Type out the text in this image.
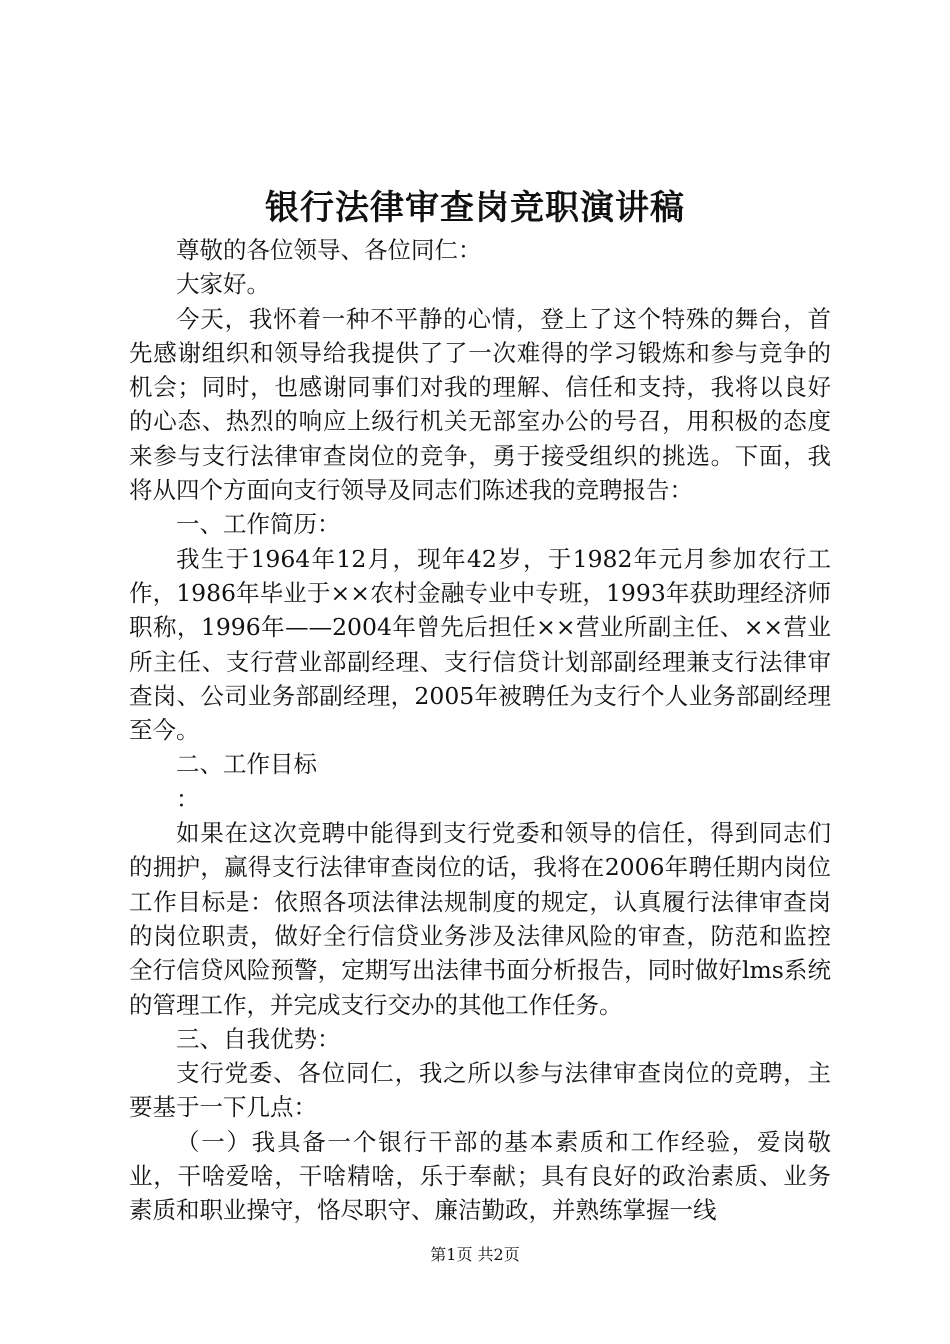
银行法律审查岗竞职演讲稿

尊敬的各位领导、各位同仁：

大家好。

今天，我怀着一种不平静的心情，登上了这个特殊的舞台，首先感谢组织和领导给我提供了了一次难得的学习锻炼和参与竞争的机会；同时，也感谢同事们对我的理解、信任和支持，我将以良好的心态、热烈的响应上级行机关无部室办公的号召，用积极的态度来参与支行法律审查岗位的竞争，勇于接受组织的挑选。下面，我将从四个方面向支行领导及同志们陈述我的竞聘报告：

一、工作简历：

我生于1964年12月，现年42岁，于1982年元月参加农行工作，1986年毕业于××农村金融专业中专班，1993年获助理经济师职称，1996年——2004年曾先后担任××营业所副主任、××营业所主任、支行营业部副经理、支行信贷计划部副经理兼支行法律审查岗、公司业务部副经理，2005年被聘任为支行个人业务部副经理至今。

二、工作目标

：

如果在这次竞聘中能得到支行党委和领导的信任，得到同志们的拥护，赢得支行法律审查岗位的话，我将在2006年聘任期内岗位工作目标是：依照各项法律法规制度的规定，认真履行法律审查岗的岗位职责，做好全行信贷业务涉及法律风险的审查，防范和监控全行信贷风险预警，定期写出法律书面分析报告，同时做好lms系统的管理工作，并完成支行交办的其他工作任务。

三、自我优势：

支行党委、各位同仁，我之所以参与法律审查岗位的竞聘，主要基于一下几点：

（一）我具备一个银行干部的基本素质和工作经验，爱岗敬业，干啥爱啥，干啥精啥，乐于奉献；具有良好的政治素质、业务素质和职业操守，恪尽职守、廉洁勤政，并熟练掌握一线

第1页 共2页
